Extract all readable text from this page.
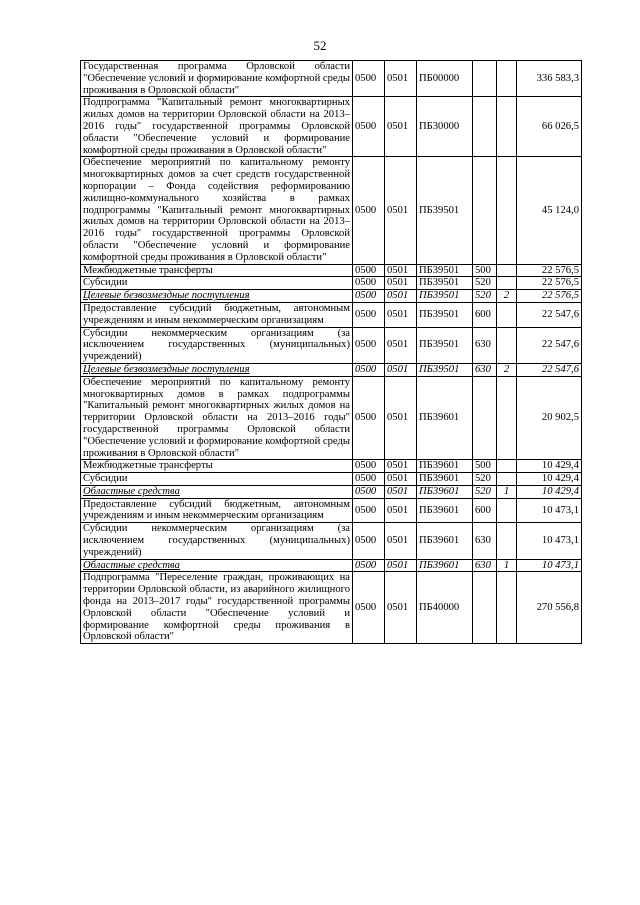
52
Государственная программа Орловской области "Обеспечение условий и формирование комфортной среды проживания в Орловской области"	0500	0501	ПБ00000			336 583,3
Подпрограмма "Капитальный ремонт многоквартирных жилых домов на территории Орловской области на 2013–2016 годы" государственной программы Орловской области "Обеспечение условий и формирование комфортной среды проживания в Орловской области"	0500	0501	ПБ30000			66 026,5
Обеспечение мероприятий по капитальному ремонту многоквартирных домов за счет средств государственной корпорации – Фонда содействия реформированию жилищно-коммунального хозяйства в рамках подпрограммы "Капитальный ремонт многоквартирных жилых домов на территории Орловской области на 2013–2016 годы" государственной программы Орловской области "Обеспечение условий и формирование комфортной среды проживания в Орловской области"	0500	0501	ПБ39501			45 124,0
Межбюджетные трансферты	0500	0501	ПБ39501	500		22 576,5
Субсидии	0500	0501	ПБ39501	520		22 576,5
Целевые безвозмездные поступления	0500	0501	ПБ39501	520	2	22 576,5
Предоставление субсидий бюджетным, автономным учреждениям и иным некоммерческим организациям	0500	0501	ПБ39501	600		22 547,6
Субсидии некоммерческим организациям (за исключением государственных (муниципальных) учреждений)	0500	0501	ПБ39501	630		22 547,6
Целевые безвозмездные поступления	0500	0501	ПБ39501	630	2	22 547,6
Обеспечение мероприятий по капитальному ремонту многоквартирных домов в рамках подпрограммы "Капитальный ремонт многоквартирных жилых домов на территории Орловской области на 2013–2016 годы" государственной программы Орловской области "Обеспечение условий и формирование комфортной среды проживания в Орловской области"	0500	0501	ПБ39601			20 902,5
Межбюджетные трансферты	0500	0501	ПБ39601	500		10 429,4
Субсидии	0500	0501	ПБ39601	520		10 429,4
Областные средства	0500	0501	ПБ39601	520	1	10 429,4
Предоставление субсидий бюджетным, автономным учреждениям и иным некоммерческим организациям	0500	0501	ПБ39601	600		10 473,1
Субсидии некоммерческим организациям (за исключением государственных (муниципальных) учреждений)	0500	0501	ПБ39601	630		10 473,1
Областные средства	0500	0501	ПБ39601	630	1	10 473,1
Подпрограмма "Переселение граждан, проживающих на территории Орловской области, из аварийного жилищного фонда на 2013–2017 годы" государственной программы Орловской области "Обеспечение условий и формирование комфортной среды проживания в Орловской области"	0500	0501	ПБ40000			270 556,8
